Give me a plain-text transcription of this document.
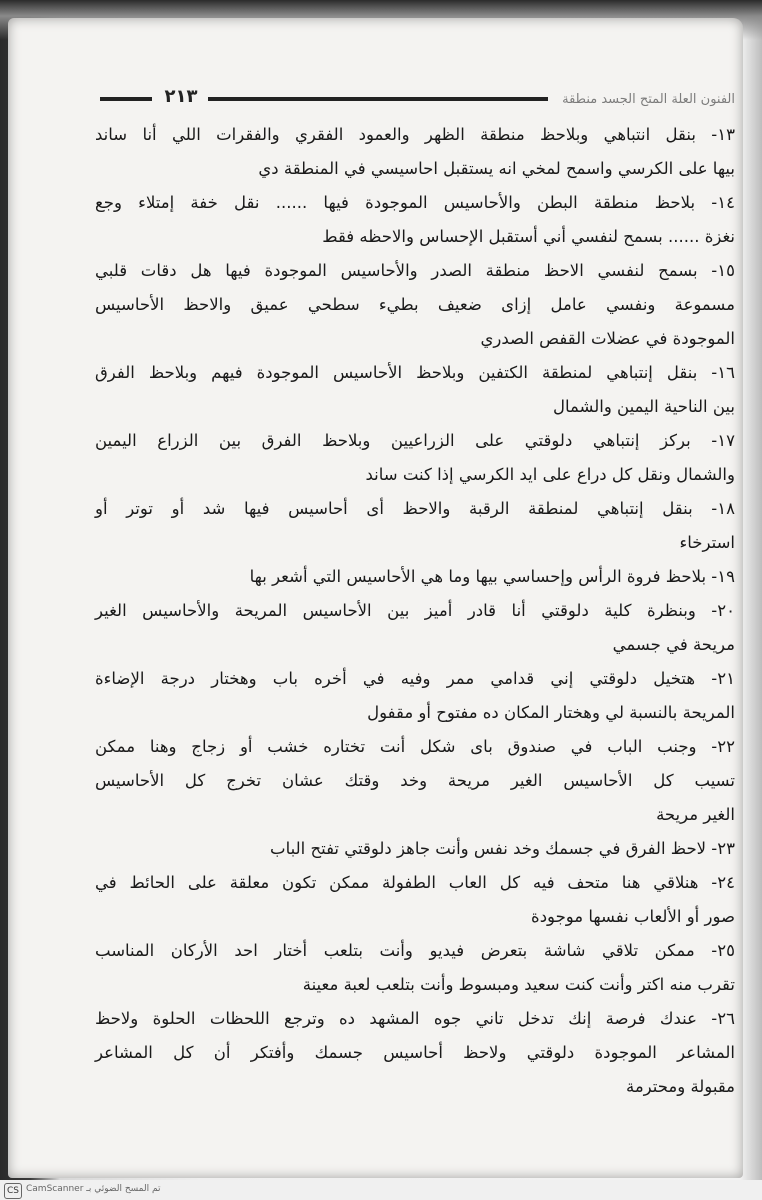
٢١٣	الفنون العلة المتح الجسد منطقة
١٣- بنقل انتباهي وبلاحظ منطقة الظهر والعمود الفقري والفقرات اللي أنا ساند
بيها على الكرسي واسمح لمخي انه يستقبل احاسيسي في المنطقة دي
١٤- بلاحظ منطقة البطن والأحاسيس الموجودة فيها ...... نقل خفة إمتلاء وجع
نغزة ...... بسمح لنفسي أني أستقبل الإحساس والاحظه فقط
١٥- بسمح لنفسي الاحظ منطقة الصدر والأحاسيس الموجودة فيها هل دقات قلبي
مسموعة ونفسي عامل إزاى ضعيف بطيء سطحي عميق والاحظ الأحاسيس
الموجودة في عضلات القفص الصدري
١٦- بنقل إنتباهي لمنطقة الكتفين وبلاحظ الأحاسيس الموجودة فيهم وبلاحظ الفرق
بين الناحية اليمين والشمال
١٧- بركز إنتباهي دلوقتي على الزراعيين وبلاحظ الفرق بين الزراع اليمين
والشمال ونقل كل دراع على ايد الكرسي إذا كنت ساند
١٨- بنقل إنتباهي لمنطقة الرقبة والاحظ أى أحاسيس فيها شد أو توتر أو
استرخاء
١٩- بلاحظ فروة الرأس وإحساسي بيها وما هي الأحاسيس التي أشعر بها
٢٠- وبنظرة كلية دلوقتي أنا قادر أميز بين الأحاسيس المريحة والأحاسيس الغير
مريحة في جسمي
٢١- هتخيل دلوقتي إني قدامي ممر وفيه في أخره باب وهختار درجة الإضاءة
المريحة بالنسبة لي وهختار المكان ده مفتوح أو مقفول
٢٢- وجنب الباب في صندوق باى شكل أنت تختاره خشب أو زجاج وهنا ممكن
تسيب كل الأحاسيس الغير مريحة وخد وقتك عشان تخرج كل الأحاسيس
الغير مريحة
٢٣- لاحظ الفرق في جسمك وخد نفس وأنت جاهز دلوقتي تفتح الباب
٢٤- هنلاقي هنا متحف فيه كل العاب الطفولة ممكن تكون معلقة على الحائط في
صور أو الألعاب نفسها موجودة
٢٥- ممكن تلاقي شاشة بتعرض فيديو وأنت بتلعب أختار احد الأركان المناسب
تقرب منه اكتر وأنت كنت سعيد ومبسوط وأنت بتلعب لعبة معينة
٢٦- عندك فرصة إنك تدخل تاني جوه المشهد ده وترجع اللحظات الحلوة ولاحظ
المشاعر الموجودة دلوقتي ولاحظ أحاسيس جسمك وأفتكر أن كل المشاعر
مقبولة ومحترمة
CS تم المسح الضوئي بـ CamScanner
